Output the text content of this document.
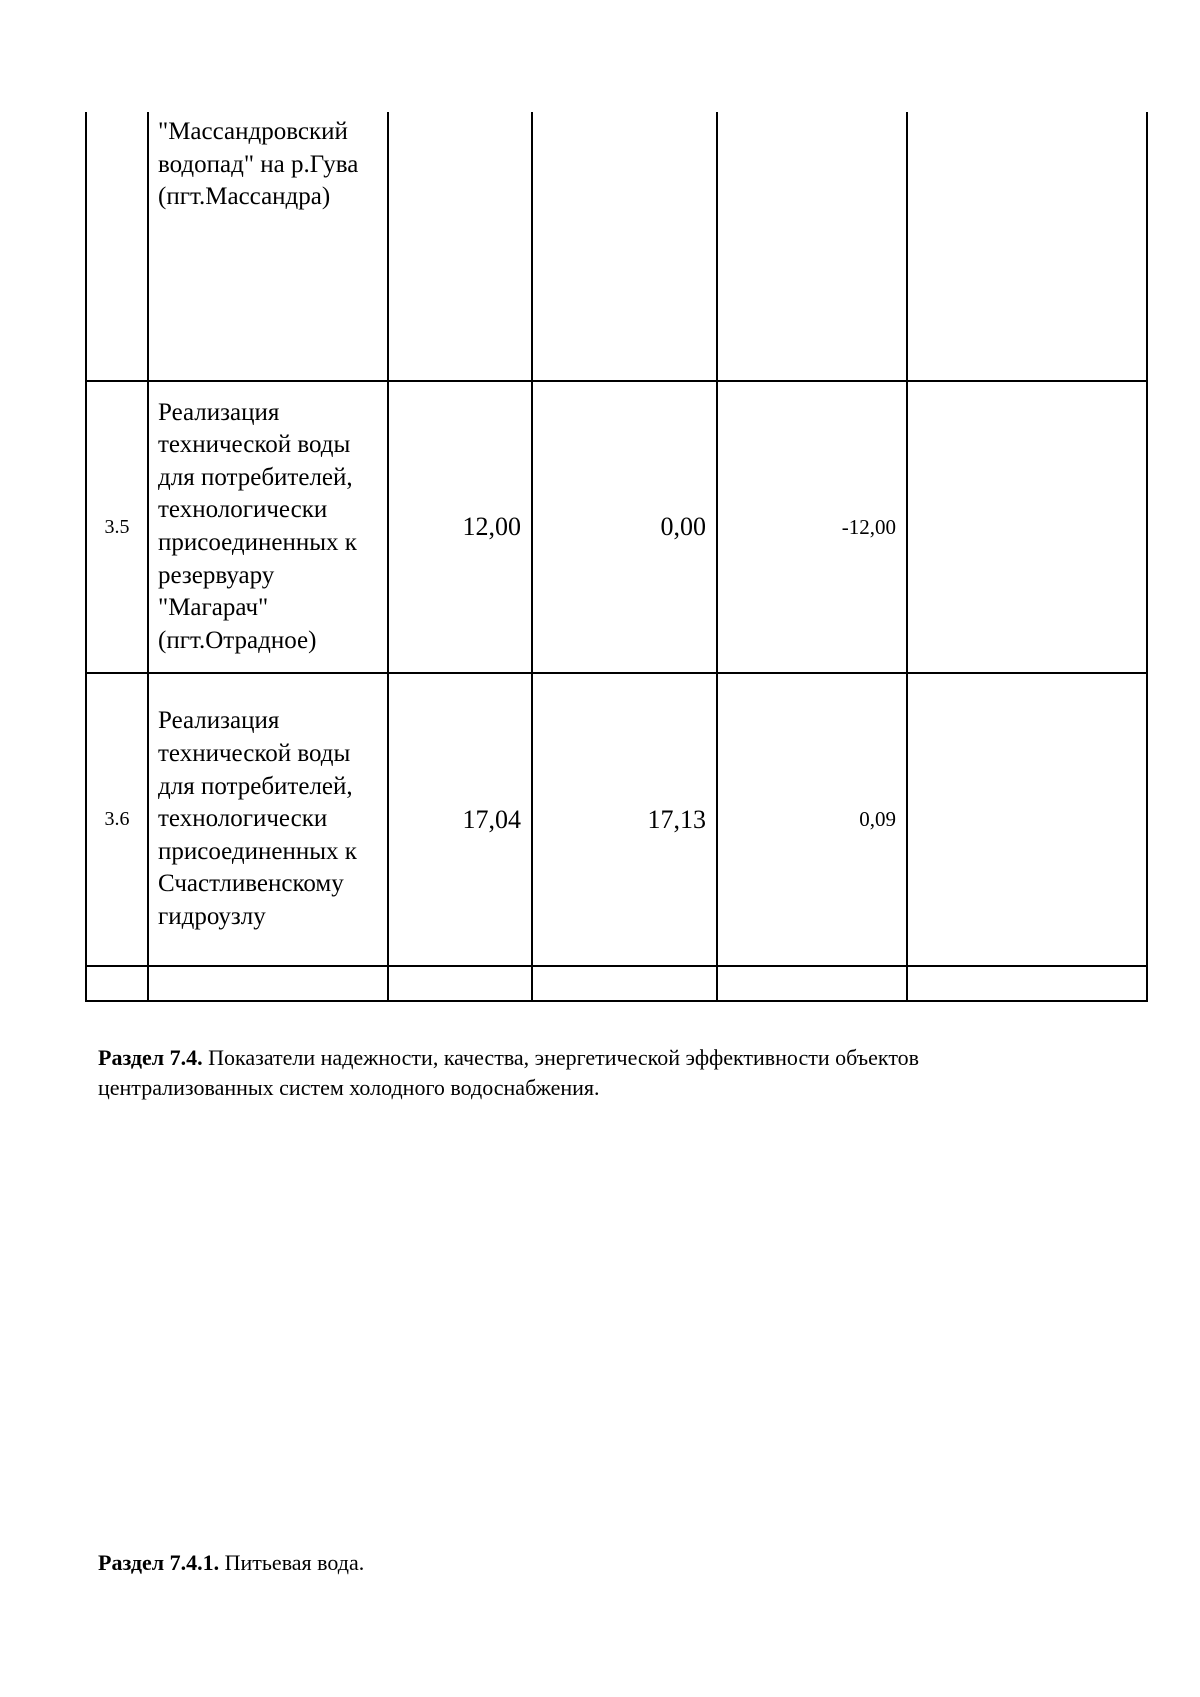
	"Массандровский водопад" на р.Гува (пгт.Массандра)				
3.5	Реализация технической воды для потребителей, технологически присоединенных к резервуару "Магарач" (пгт.Отрадное)	12,00	0,00	-12,00	
3.6	Реализация технической воды для потребителей, технологически присоединенных к Счастливенскому гидроузлу	17,04	17,13	0,09	

Раздел 7.4. Показатели надежности, качества, энергетической эффективности объектов централизованных систем холодного водоснабжения.

Раздел 7.4.1. Питьевая вода.
